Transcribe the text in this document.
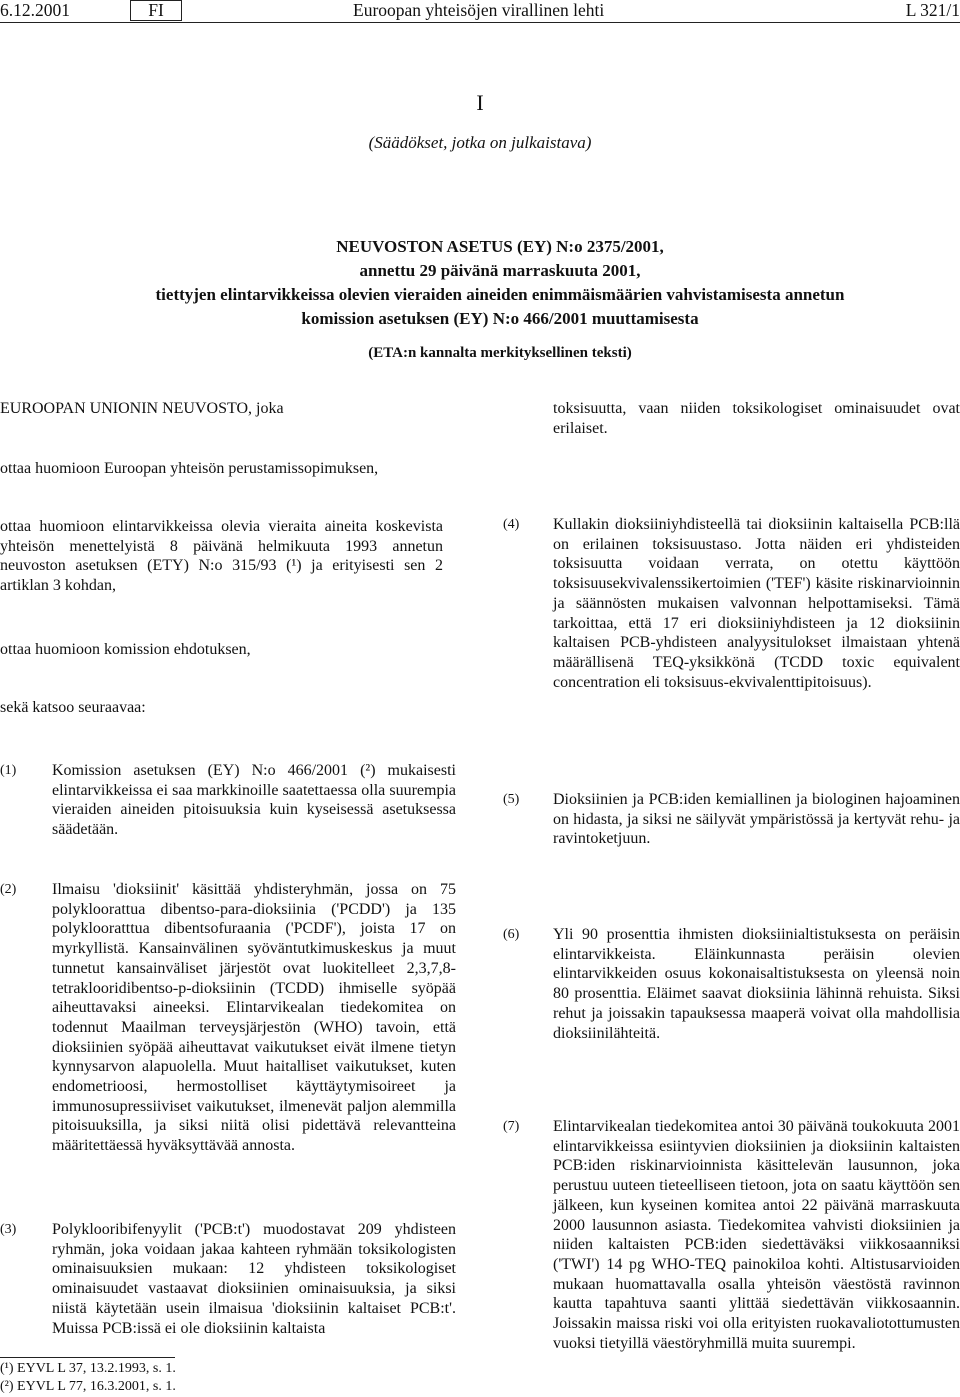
6.12.2001	FI	Euroopan yhteisöjen virallinen lehti	L 321/1
I
(Säädökset, jotka on julkaistava)
NEUVOSTON ASETUS (EY) N:o 2375/2001,
annettu 29 päivänä marraskuuta 2001,
tiettyjen elintarvikkeissa olevien vieraiden aineiden enimmäismäärien vahvistamisesta annetun
komission asetuksen (EY) N:o 466/2001 muuttamisesta
(ETA:n kannalta merkityksellinen teksti)
EUROOPAN UNIONIN NEUVOSTO, joka
ottaa huomioon Euroopan yhteisön perustamissopimuksen,
ottaa huomioon elintarvikkeissa olevia vieraita aineita koskevista yhteisön menettelyistä 8 päivänä helmikuuta 1993 annetun neuvoston asetuksen (ETY) N:o 315/93 (¹) ja erityisesti sen 2 artiklan 3 kohdan,
ottaa huomioon komission ehdotuksen,
sekä katsoo seuraavaa:
(1) Komission asetuksen (EY) N:o 466/2001 (²) mukaisesti elintarvikkeissa ei saa markkinoille saatettaessa olla suurempia vieraiden aineiden pitoisuuksia kuin kyseisessä asetuksessa säädetään.
(2) Ilmaisu 'dioksiinit' käsittää yhdisteryhmän, jossa on 75 polykloorattua dibentso-para-dioksiinia ('PCDD') ja 135 polyklooratttua dibentsofuraania ('PCDF'), joista 17 on myrkyllistä. Kansainvälinen syöväntutkimuskeskus ja muut tunnetut kansainväliset järjestöt ovat luokitelleet 2,3,7,8-tetraklooridibentso-p-dioksiinin (TCDD) ihmiselle syöpää aiheuttavaksi aineeksi. Elintarvikealan tiedekomitea on todennut Maailman terveysjärjestön (WHO) tavoin, että dioksiinien syöpää aiheuttavat vaikutukset eivät ilmene tietyn kynnysarvon alapuolella. Muut haitalliset vaikutukset, kuten endometrioosi, hermostolliset käyttäytymisoireet ja immunosupressiiviset vaikutukset, ilmenevät paljon alemmilla pitoisuuksilla, ja siksi niitä olisi pidettävä relevantteina määritettäessä hyväksyttävää annosta.
(3) Polyklooribifenyylit ('PCB:t') muodostavat 209 yhdisteen ryhmän, joka voidaan jakaa kahteen ryhmään toksikologisten ominaisuuksien mukaan: 12 yhdisteen toksikologiset ominaisuudet vastaavat dioksiinien ominaisuuksia, ja siksi niistä käytetään usein ilmaisua 'dioksiinin kaltaiset PCB:t'. Muissa PCB:issä ei ole dioksiinin kaltaista
toksisuutta, vaan niiden toksikologiset ominaisuudet ovat erilaiset.
(4) Kullakin dioksiiniyhdisteellä tai dioksiinin kaltaisella PCB:llä on erilainen toksisuustaso. Jotta näiden eri yhdisteiden toksisuutta voidaan verrata, on otettu käyttöön toksisuusekvivalenssikertoimien ('TEF') käsite riskinarvioinnin ja säännösten mukaisen valvonnan helpottamiseksi. Tämä tarkoittaa, että 17 eri dioksiiniyhdisteen ja 12 dioksiinin kaltaisen PCB-yhdisteen analyysitulokset ilmaistaan yhtenä määrällisenä TEQ-yksikkönä (TCDD toxic equivalent concentration eli toksisuus-ekvivalenttipitoisuus).
(5) Dioksiinien ja PCB:iden kemiallinen ja biologinen hajoaminen on hidasta, ja siksi ne säilyvät ympäristössä ja kertyvät rehu- ja ravintoketjuun.
(6) Yli 90 prosenttia ihmisten dioksiinialtistuksesta on peräisin elintarvikkeista. Eläinkunnasta peräisin olevien elintarvikkeiden osuus kokonaisaltistuksesta on yleensä noin 80 prosenttia. Eläimet saavat dioksiinia lähinnä rehuista. Siksi rehut ja joissakin tapauksessa maaperä voivat olla mahdollisia dioksiinilähteitä.
(7) Elintarvikealan tiedekomitea antoi 30 päivänä toukokuuta 2001 elintarvikkeissa esiintyvien dioksiinien ja dioksiinin kaltaisten PCB:iden riskinarvioinnista käsittelevän lausunnon, joka perustuu uuteen tieteelliseen tietoon, jota on saatu käyttöön sen jälkeen, kun kyseinen komitea antoi 22 päivänä marraskuuta 2000 lausunnon asiasta. Tiedekomitea vahvisti dioksiinien ja niiden kaltaisten PCB:iden siedettäväksi viikkosaanniksi ('TWI') 14 pg WHO-TEQ painokiloa kohti. Altistusarvioiden mukaan huomattavalla osalla yhteisön väestöstä ravinnon kautta tapahtuva saanti ylittää siedettävän viikkosaannin. Joissakin maissa riski voi olla erityisten ruokavaliotottumusten vuoksi tietyillä väestöryhmillä muita suurempi.
(¹) EYVL L 37, 13.2.1993, s. 1.
(²) EYVL L 77, 16.3.2001, s. 1.
